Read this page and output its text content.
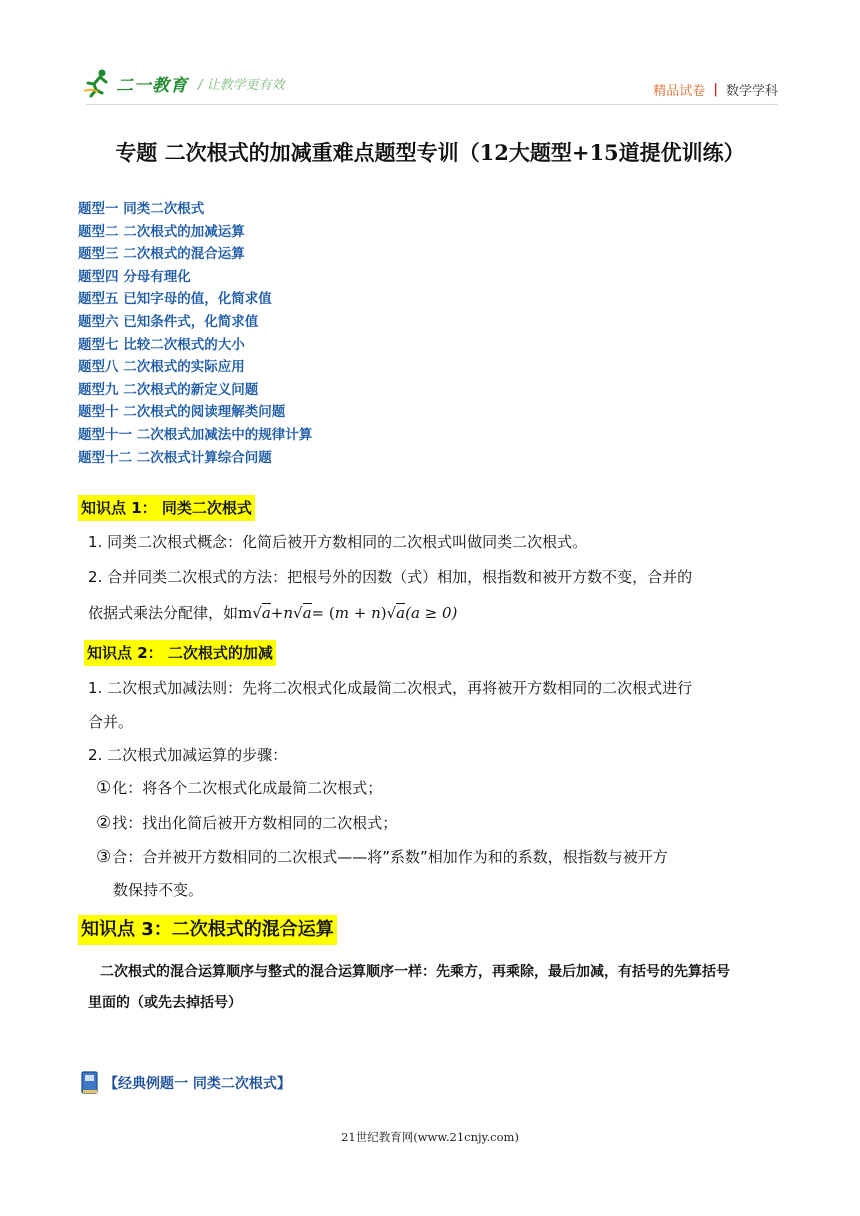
二一教育 / 让教学更有效	精品试卷 | 数学学科
专题 二次根式的加减重难点题型专训（12大题型+15道提优训练）
题型一 同类二次根式
题型二 二次根式的加减运算
题型三 二次根式的混合运算
题型四 分母有理化
题型五 已知字母的值，化简求值
题型六 已知条件式，化简求值
题型七 比较二次根式的大小
题型八 二次根式的实际应用
题型九 二次根式的新定义问题
题型十 二次根式的阅读理解类问题
题型十一 二次根式加减法中的规律计算
题型十二 二次根式计算综合问题
知识点 1： 同类二次根式
1. 同类二次根式概念：化简后被开方数相同的二次根式叫做同类二次根式。
2. 合并同类二次根式的方法：把根号外的因数（式）相加，根指数和被开方数不变，合并的
依据式乘法分配律，如 m √ a + n √ a = ( m + n ) √ a (a ≥ 0)
知识点 2： 二次根式的加减
1. 二次根式加减法则：先将二次根式化成最简二次根式，再将被开方数相同的二次根式进行
合并。
2. 二次根式加减运算的步骤：
①化：将各个二次根式化成最简二次根式；
②找：找出化简后被开方数相同的二次根式；
③合：合并被开方数相同的二次根式——将”系数”相加作为和的系数，根指数与被开方
数保持不变。
知识点 3：二次根式的混合运算
二次根式的混合运算顺序与整式的混合运算顺序一样：先乘方，再乘除，最后加减，有括号的先算括号
里面的（或先去掉括号）
【经典例题一 同类二次根式】
21世纪教育网(www.21cnjy.com)
